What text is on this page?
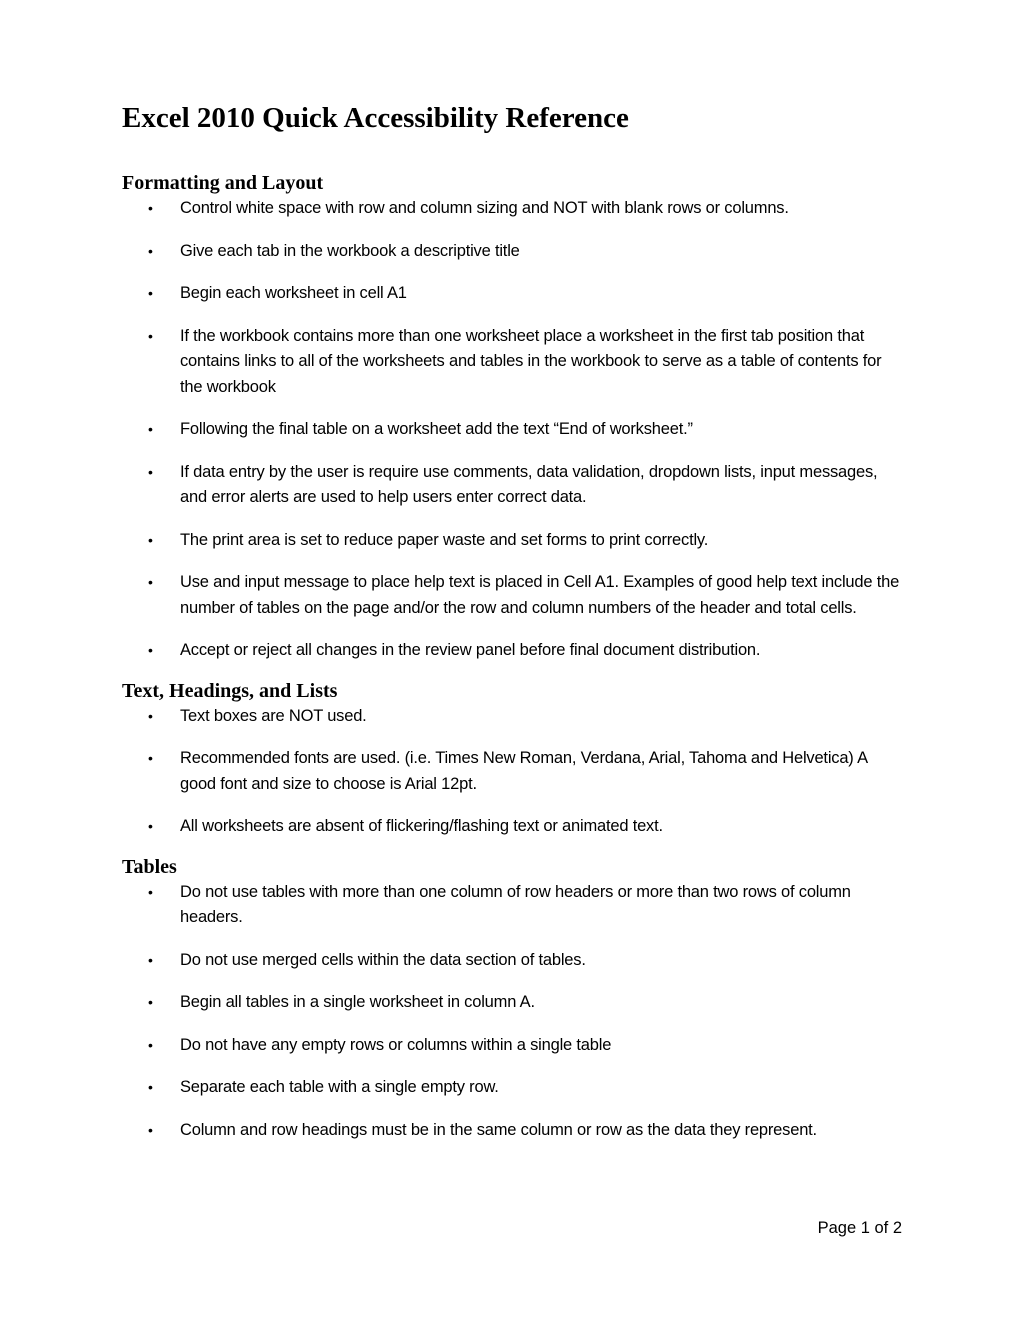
Excel 2010 Quick Accessibility Reference
Formatting and Layout
• Control white space with row and column sizing and NOT with blank rows or columns.
• Give each tab in the workbook a descriptive title
• Begin each worksheet in cell A1
• If the workbook contains more than one worksheet place a worksheet in the first tab position that contains links to all of the worksheets and tables in the workbook to serve as a table of contents for the workbook
• Following the final table on a worksheet add the text “End of worksheet.”
• If data entry by the user is require use comments, data validation, dropdown lists, input messages, and error alerts are used to help users enter correct data.
• The print area is set to reduce paper waste and set forms to print correctly.
• Use and input message to place help text is placed in Cell A1. Examples of good help text include the number of tables on the page and/or the row and column numbers of the header and total cells.
• Accept or reject all changes in the review panel before final document distribution.
Text, Headings, and Lists
• Text boxes are NOT used.
• Recommended fonts are used. (i.e. Times New Roman, Verdana, Arial, Tahoma and Helvetica) A good font and size to choose is Arial 12pt.
• All worksheets are absent of flickering/flashing text or animated text.
Tables
• Do not use tables with more than one column of row headers or more than two rows of column headers.
• Do not use merged cells within the data section of tables.
• Begin all tables in a single worksheet in column A.
• Do not have any empty rows or columns within a single table
• Separate each table with a single empty row.
• Column and row headings must be in the same column or row as the data they represent.
Page 1 of 2
